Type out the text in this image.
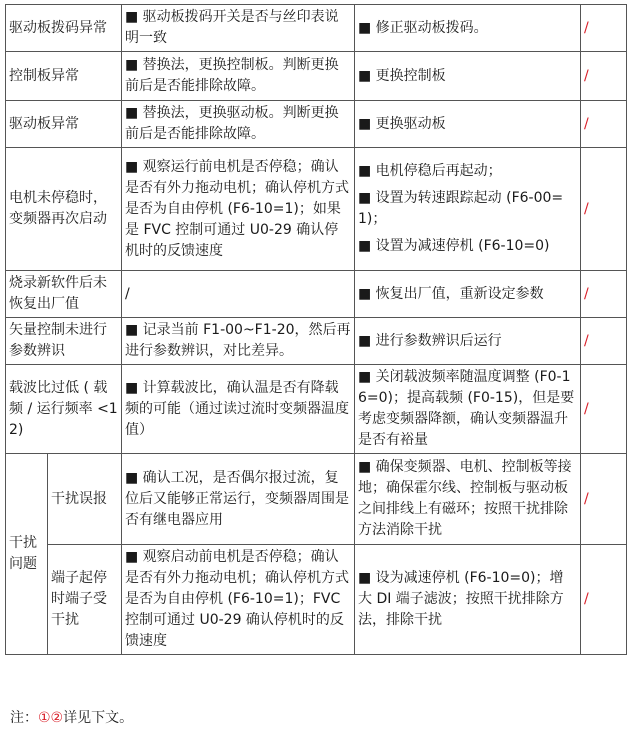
驱动板拨码异常		■ 驱动板拨码开关是否与丝印表说明一致	■ 修正驱动板拨码。	/
控制板异常		■ 替换法，更换控制板。判断更换前后是否能排除故障。	■ 更换控制板	/
驱动板异常		■ 替换法，更换驱动板。判断更换前后是否能排除故障。	■ 更换驱动板	/
电机未停稳时，变频器再次启动		■ 观察运行前电机是否停稳；确认是否有外力拖动电机；确认停机方式是否为自由停机 (F6-10=1)；如果是 FVC 控制可通过 U0-29 确认停机时的反馈速度	■ 电机停稳后再起动；
■ 设置为转速跟踪起动 (F6-00=1)；
■ 设置为减速停机 (F6-10=0)	/
烧录新软件后未恢复出厂值		/	■ 恢复出厂值，重新设定参数	/
矢量控制未进行参数辨识		■ 记录当前 F1-00~F1-20，然后再进行参数辨识，对比差异。	■ 进行参数辨识后运行	/
载波比过低 ( 载频 / 运行频率 <12)		■ 计算载波比，确认温是否有降载频的可能（通过读过流时变频器温度值）	■ 关闭载波频率随温度调整 (F0-16=0)；提高载频 (F0-15)，但是要考虑变频器降额，确认变频器温升是否有裕量	/
干扰问题	干扰误报	■ 确认工况，是否偶尔报过流，复位后又能够正常运行，变频器周围是否有继电器应用	■ 确保变频器、电机、控制板等接地；确保霍尔线、控制板与驱动板之间排线上有磁环；按照干扰排除方法消除干扰	/
	端子起停时端子受干扰	■ 观察启动前电机是否停稳；确认是否有外力拖动电机；确认停机方式是否为自由停机 (F6-10=1)；FVC 控制可通过 U0-29 确认停机时的反馈速度	■ 设为减速停机 (F6-10=0)；增大 DI 端子滤波；按照干扰排除方法，排除干扰	/
注：①②详见下文。
